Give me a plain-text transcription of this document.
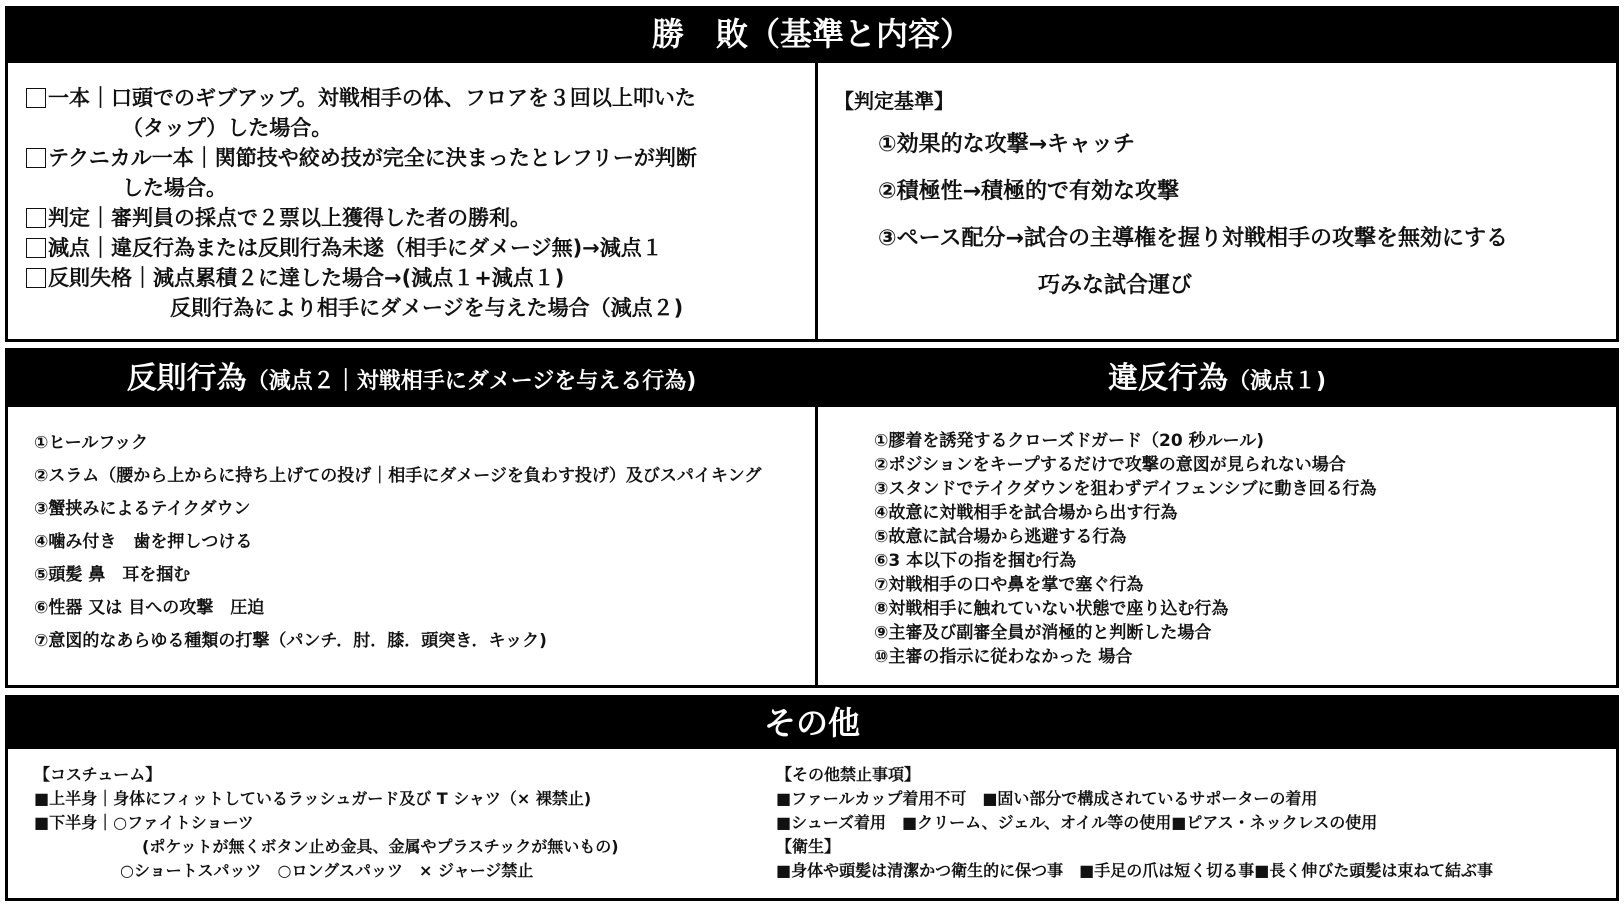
勝　敗（基準と内容）
一本｜口頭でのギブアップ。対戦相手の体、フロアを３回以上叩いた
（タップ）した場合。
テクニカル一本｜関節技や絞め技が完全に決まったとレフリーが判断
した場合。
判定｜審判員の採点で２票以上獲得した者の勝利。
減点｜違反行為または反則行為未遂（相手にダメージ無)→減点１
反則失格｜減点累積２に達した場合→(減点１+減点１)
反則行為により相手にダメージを与えた場合（減点２)
【判定基準】
①効果的な攻撃→キャッチ
②積極性→積極的で有効な攻撃
③ペース配分→試合の主導権を握り対戦相手の攻撃を無効にする
巧みな試合運び
反則行為（減点２｜対戦相手にダメージを与える行為)	違反行為（減点１)
①ヒールフック
②スラム（腰から上からに持ち上げての投げ｜相手にダメージを負わす投げ）及びスパイキング
③蟹挟みによるテイクダウン
④噛み付き　歯を押しつける
⑤頭髪 鼻　耳を掴む
⑥性器 又は 目への攻撃　圧迫
⑦意図的なあらゆる種類の打撃（パンチ．肘．膝．頭突き．キック)
①膠着を誘発するクローズドガード（20 秒ルール)
②ポジションをキープするだけで攻撃の意図が見られない場合
③スタンドでテイクダウンを狙わずデイフェンシブに動き回る行為
④故意に対戦相手を試合場から出す行為
⑤故意に試合場から逃避する行為
⑥3 本以下の指を掴む行為
⑦対戦相手の口や鼻を掌で塞ぐ行為
⑧対戦相手に触れていない状態で座り込む行為
⑨主審及び副審全員が消極的と判断した場合
⑩主審の指示に従わなかった 場合
その他
【コスチューム】
■上半身｜身体にフィットしているラッシュガード及び T シャツ（× 裸禁止)
■下半身｜○ファイトショーツ
(ポケットが無くボタン止め金具、金属やプラスチックが無いもの)
○ショートスパッツ　○ロングスパッツ　× ジャージ禁止
【その他禁止事項】
■ファールカップ着用不可　■固い部分で構成されているサポーターの着用
■シューズ着用　■クリーム、ジェル、オイル等の使用■ピアス・ネックレスの使用
【衛生】
■身体や頭髪は清潔かつ衛生的に保つ事　■手足の爪は短く切る事■長く伸びた頭髪は束ねて結ぶ事
